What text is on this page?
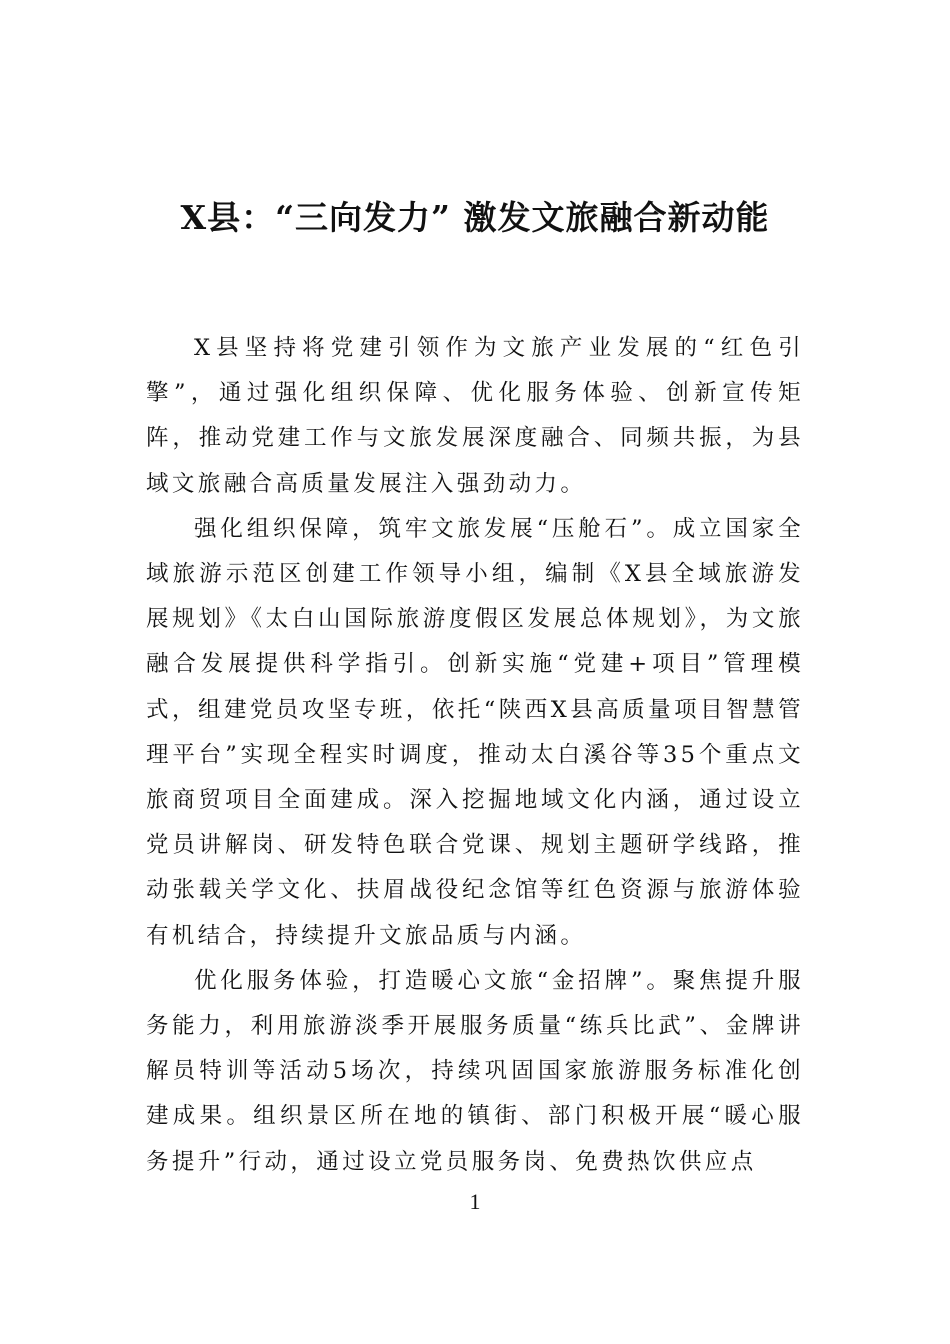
X县：“三向发力” 激发文旅融合新动能

X县坚持将党建引领作为文旅产业发展的“红色引擎”，通过强化组织保障、优化服务体验、创新宣传矩阵，推动党建工作与文旅发展深度融合、同频共振，为县域文旅融合高质量发展注入强劲动力。

强化组织保障，筑牢文旅发展“压舱石”。成立国家全域旅游示范区创建工作领导小组，编制《X县全域旅游发展规划》《太白山国际旅游度假区发展总体规划》，为文旅融合发展提供科学指引。创新实施“党建+项目”管理模式，组建党员攻坚专班，依托“陕西X县高质量项目智慧管理平台”实现全程实时调度，推动太白溪谷等35个重点文旅商贸项目全面建成。深入挖掘地域文化内涵，通过设立党员讲解岗、研发特色联合党课、规划主题研学线路，推动张载关学文化、扶眉战役纪念馆等红色资源与旅游体验有机结合，持续提升文旅品质与内涵。

优化服务体验，打造暖心文旅“金招牌”。聚焦提升服务能力，利用旅游淡季开展服务质量“练兵比武”、金牌讲解员特训等活动5场次，持续巩固国家旅游服务标准化创建成果。组织景区所在地的镇街、部门积极开展“暖心服务提升”行动，通过设立党员服务岗、免费热饮供应点

1
